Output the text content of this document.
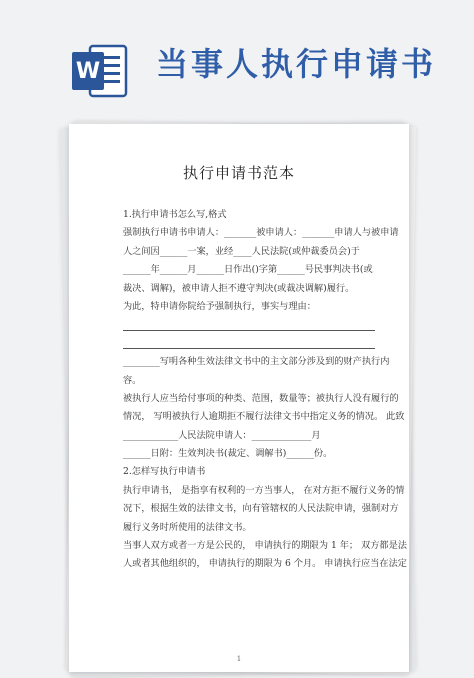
W 当事人执行申请书
执行申请书范本
1.执行申请书怎么写,格式
强制执行申请书申请人：_______被申请人：_______申请人与被申请
人之间因______一案，业经____人民法院(或仲裁委员会)于
______年______月______日作出()字第______号民事判决书(或
裁决、调解)，被申请人拒不遵守判决(或裁决调解)履行。
为此，特申请你院给予强制执行，事实与理由：
________写明各种生效法律文书中的主文部分涉及到的财产执行内
容。
被执行人应当给付事项的种类、范围，数量等；被执行人没有履行的
情况， 写明被执行人逾期拒不履行法律文书中指定义务的情况。 此致
____________人民法院申请人：_____________月
______日附：生效判决书(裁定、调解书)______份。
2.怎样写执行申请书
执行申请书， 是指享有权利的一方当事人， 在对方拒不履行义务的情
况下，根据生效的法律文书，向有管辖权的人民法院申请，强制对方
履行义务时所使用的法律文书。
当事人双方或者一方是公民的， 申请执行的期限为 1 年； 双方都是法
人或者其他组织的， 申请执行的期限为 6 个月。 申请执行应当在法定
1
